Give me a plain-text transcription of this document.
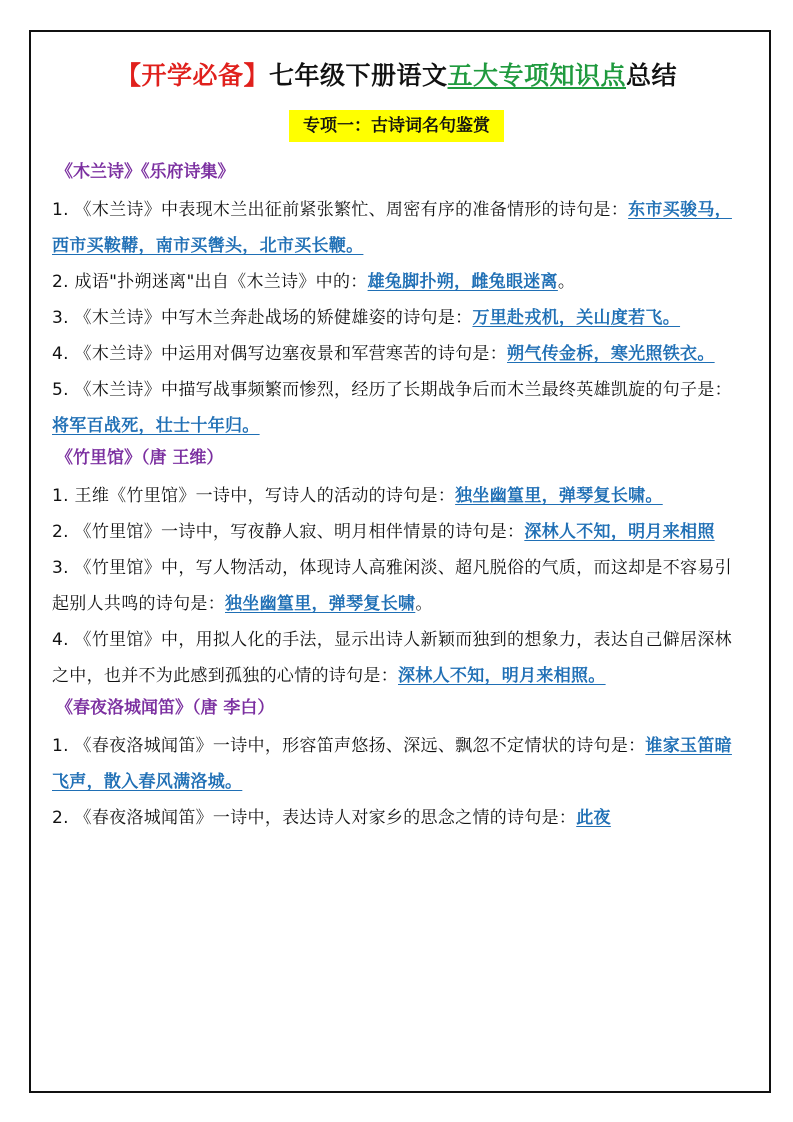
【开学必备】七年级下册语文五大专项知识点总结
专项一：古诗词名句鉴赏
《木兰诗》《乐府诗集》

1. 《木兰诗》中表现木兰出征前紧张繁忙、周密有序的准备情形的诗句是：东市买骏马，西市买鞍鞯，南市买辔头，北市买长鞭。

2. 成语"扑朔迷离"出自《木兰诗》中的：雄兔脚扑朔，雌兔眼迷离。

3. 《木兰诗》中写木兰奔赴战场的矫健雄姿的诗句是：万里赴戎机，关山度若飞。

4. 《木兰诗》中运用对偶写边塞夜景和军营寒苦的诗句是：朔气传金柝，寒光照铁衣。

5. 《木兰诗》中描写战事频繁而惨烈，经历了长期战争后而木兰最终英雄凯旋的句子是：将军百战死，壮士十年归。

《竹里馆》（唐 王维）

1. 王维《竹里馆》一诗中，写诗人的活动的诗句是：独坐幽篁里，弹琴复长啸。

2. 《竹里馆》一诗中，写夜静人寂、明月相伴情景的诗句是：深林人不知，明月来相照

3. 《竹里馆》中，写人物活动，体现诗人高雅闲淡、超凡脱俗的气质，而这却是不容易引起别人共鸣的诗句是：独坐幽篁里，弹琴复长啸。

4. 《竹里馆》中，用拟人化的手法，显示出诗人新颖而独到的想象力，表达自己僻居深林之中，也并不为此感到孤独的心情的诗句是：深林人不知，明月来相照。

《春夜洛城闻笛》（唐 李白）

1. 《春夜洛城闻笛》一诗中，形容笛声悠扬、深远、飘忽不定情状的诗句是：谁家玉笛暗飞声，散入春风满洛城。

2. 《春夜洛城闻笛》一诗中，表达诗人对家乡的思念之情的诗句是：此夜
